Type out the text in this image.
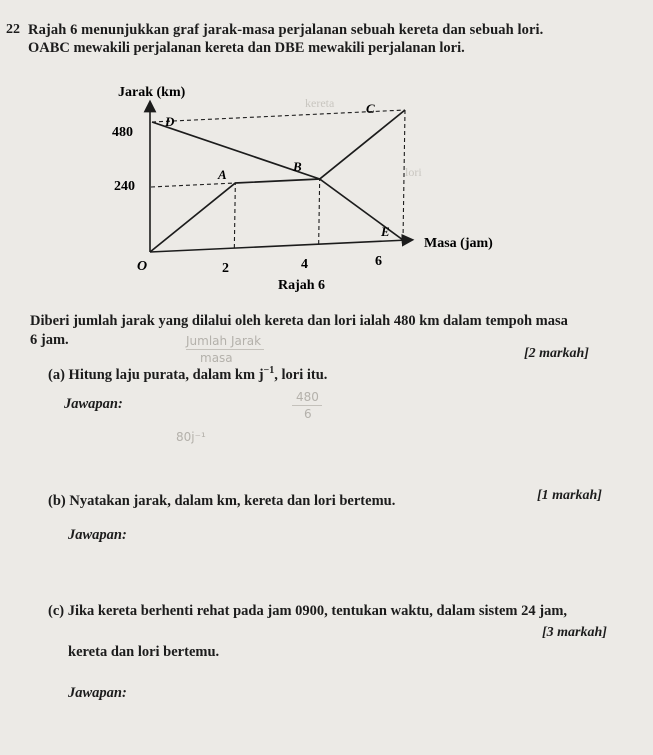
22 Rajah 6 menunjukkan graf jarak-masa perjalanan sebuah kereta dan sebuah lori.
OABC mewakili perjalanan kereta dan DBE mewakili perjalanan lori.
Jarak (km)
Masa (jam)
Rajah 6
O
480
240
2	4	6
D
C
A
B
E
kereta
lori
Diberi jumlah jarak yang dilalui oleh kereta dan lori ialah 480 km dalam tempoh masa
6 jam.	Jumlah Jarak
masa
(a) Hitung laju purata, dalam km $j^{-1}$, lori itu.
[2 markah]
Jawapan:	480
6
80j⁻¹
(b) Nyatakan jarak, dalam km, kereta dan lori bertemu.	[1 markah]
Jawapan:
(c) Jika kereta berhenti rehat pada jam 0900, tentukan waktu, dalam sistem 24 jam,
kereta dan lori bertemu.
[3 markah]
Jawapan:
